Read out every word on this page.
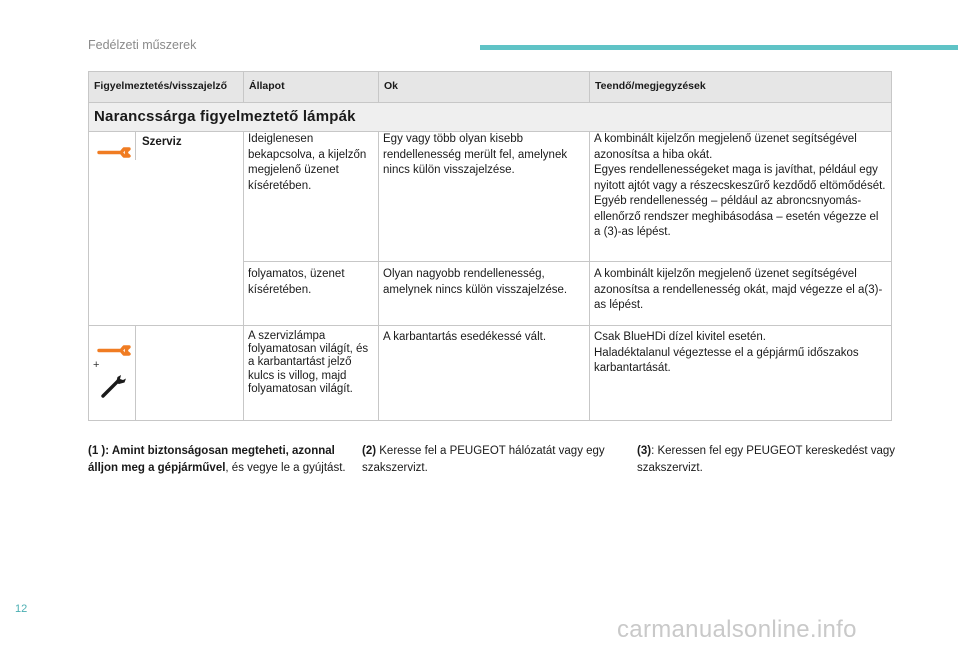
Fedélzeti műszerek
Figyelmeztetés/visszajelző	Állapot	Ok	Teendő/megjegyzések
Narancssárga figyelmeztető lámpák			

Szerviz	Ideiglenesen bekapcsolva, a kijelzőn megjelenő üzenet kíséretében.	Egy vagy több olyan kisebb rendellenesség merült fel, amelynek nincs külön visszajelzése.	A kombinált kijelzőn megjelenő üzenet segítségével azonosítsa a hiba okát.
Egyes rendellenességeket maga is javíthat, például egy nyitott ajtót vagy a részecskeszűrő kezdődő eltömődését.
Egyéb rendellenesség – például az abroncsnyomás-ellenőrző rendszer meghibásodása – esetén végezze el a (3)-as lépést.

	folyamatos, üzenet kíséretében.	Olyan nagyobb rendellenesség, amelynek nincs külön visszajelzése.	A kombinált kijelzőn megjelenő üzenet segítségével azonosítsa a rendellenesség okát, majd végezze el a(3)-as lépést.

+	A szervizlámpa folyamatosan világít, és a karbantartást jelző kulcs is villog, majd folyamatosan világít.	A karbantartás esedékessé vált.	Csak BlueHDi dízel kivitel esetén.
Haladéktalanul végeztesse el a gépjármű időszakos karbantartását.
(1 ): Amint biztonságosan megteheti, azonnal álljon meg a gépjárművel, és vegye le a gyújtást.
(2) Keresse fel a PEUGEOT hálózatát vagy egy szakszervizt.
(3): Keressen fel egy PEUGEOT kereskedést vagy szakszervizt.
12
carmanualsonline.info
